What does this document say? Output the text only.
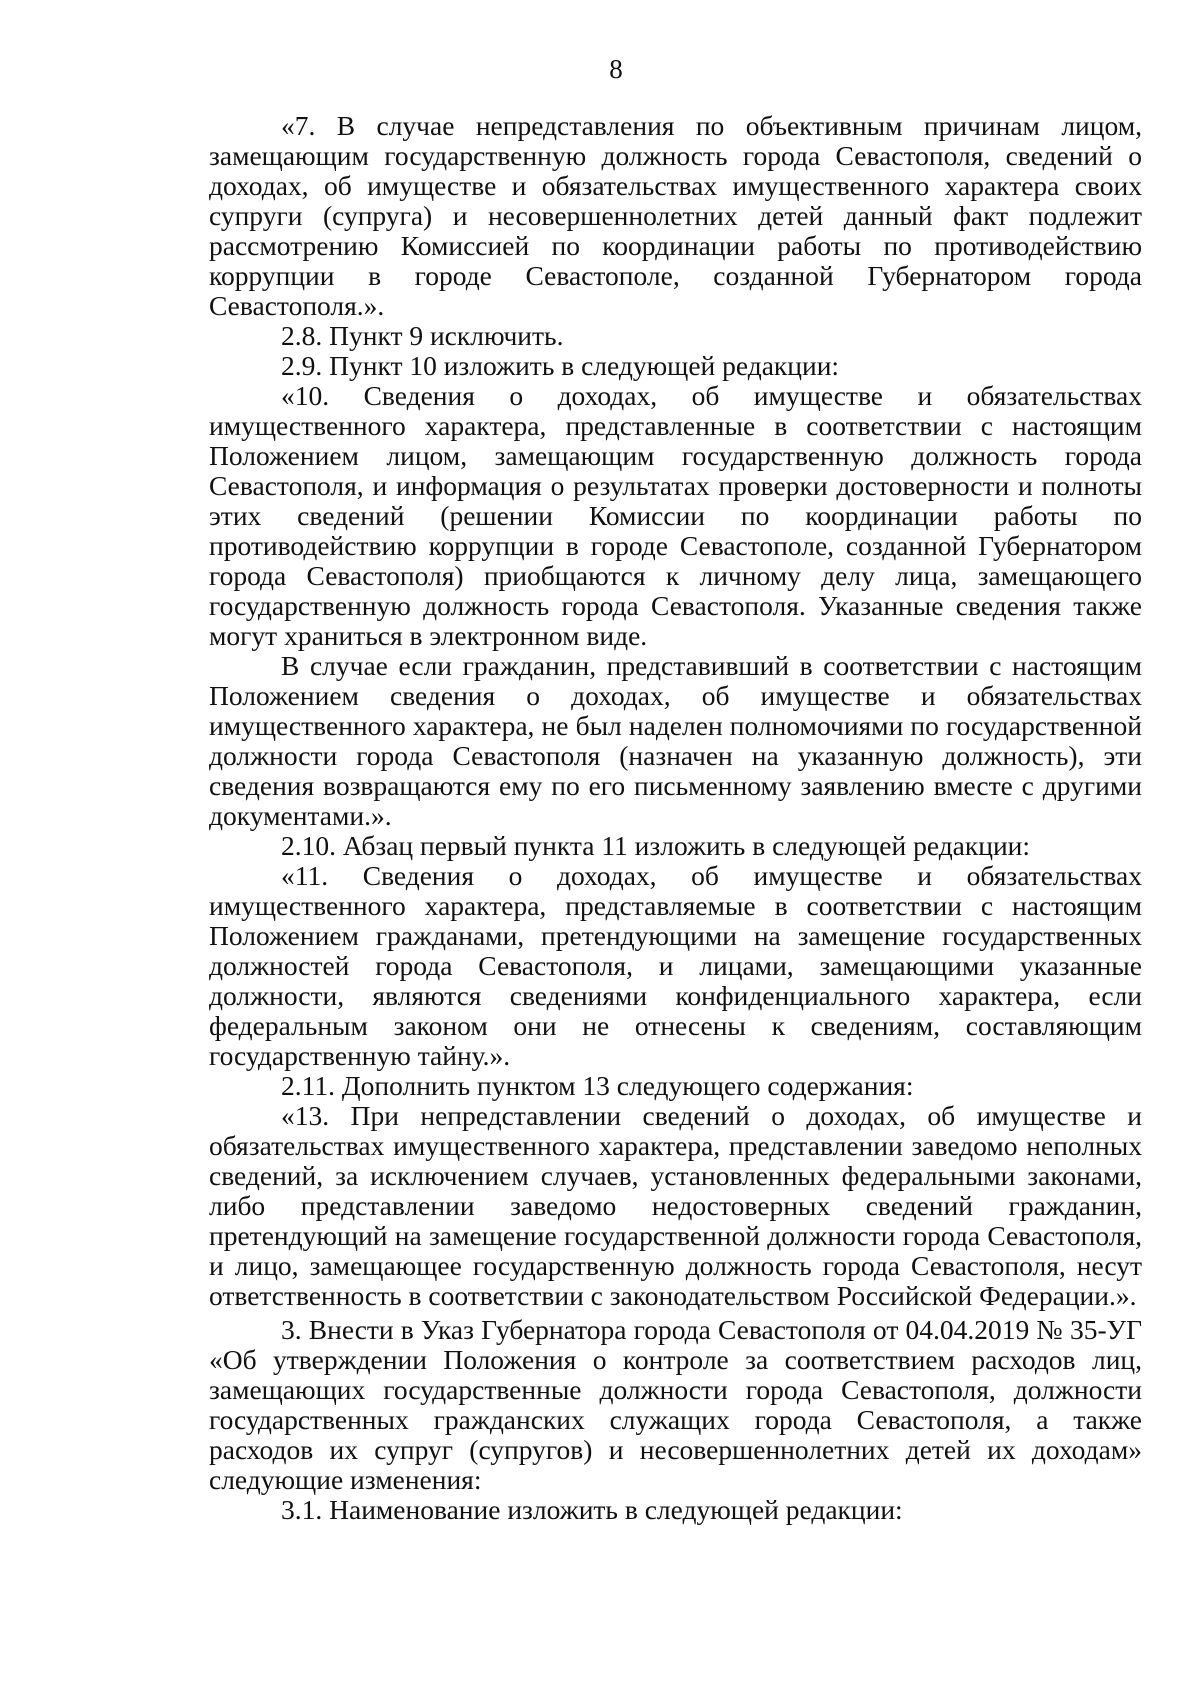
8

«7. В случае непредставления по объективным причинам лицом, замещающим государственную должность города Севастополя, сведений о доходах, об имуществе и обязательствах имущественного характера своих супруги (супруга) и несовершеннолетних детей данный факт подлежит рассмотрению Комиссией по координации работы по противодействию коррупции в городе Севастополе, созданной Губернатором города Севастополя.».

2.8. Пункт 9 исключить.

2.9. Пункт 10 изложить в следующей редакции:

«10. Сведения о доходах, об имуществе и обязательствах имущественного характера, представленные в соответствии с настоящим Положением лицом, замещающим государственную должность города Севастополя, и информация о результатах проверки достоверности и полноты этих сведений (решении Комиссии по координации работы по противодействию коррупции в городе Севастополе, созданной Губернатором города Севастополя) приобщаются к личному делу лица, замещающего государственную должность города Севастополя. Указанные сведения также могут храниться в электронном виде.

В случае если гражданин, представивший в соответствии с настоящим Положением сведения о доходах, об имуществе и обязательствах имущественного характера, не был наделен полномочиями по государственной должности города Севастополя (назначен на указанную должность), эти сведения возвращаются ему по его письменному заявлению вместе с другими документами.».

2.10. Абзац первый пункта 11 изложить в следующей редакции:

«11. Сведения о доходах, об имуществе и обязательствах имущественного характера, представляемые в соответствии с настоящим Положением гражданами, претендующими на замещение государственных должностей города Севастополя, и лицами, замещающими указанные должности, являются сведениями конфиденциального характера, если федеральным законом они не отнесены к сведениям, составляющим государственную тайну.».

2.11. Дополнить пунктом 13 следующего содержания:

«13. При непредставлении сведений о доходах, об имуществе и обязательствах имущественного характера, представлении заведомо неполных сведений, за исключением случаев, установленных федеральными законами, либо представлении заведомо недостоверных сведений гражданин, претендующий на замещение государственной должности города Севастополя, и лицо, замещающее государственную должность города Севастополя, несут ответственность в соответствии с законодательством Российской Федерации.».

3. Внести в Указ Губернатора города Севастополя от 04.04.2019 № 35-УГ «Об утверждении Положения о контроле за соответствием расходов лиц, замещающих государственные должности города Севастополя, должности государственных гражданских служащих города Севастополя, а также расходов их супруг (супругов) и несовершеннолетних детей их доходам» следующие изменения:

3.1. Наименование изложить в следующей редакции:
